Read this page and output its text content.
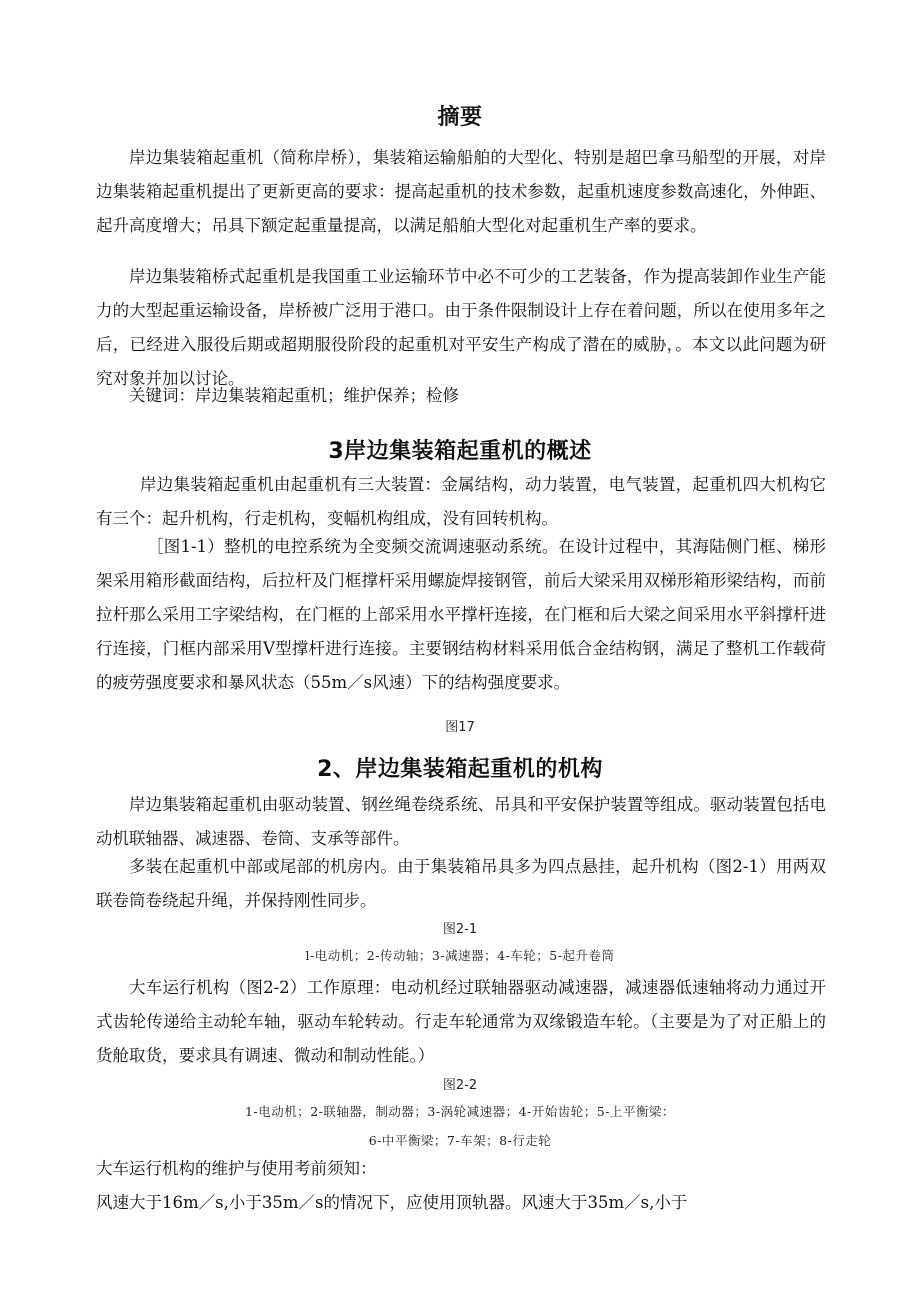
摘要
岸边集装箱起重机（简称岸桥），集装箱运输船舶的大型化、特别是超巴拿马船型的开展，对岸边集装箱起重机提出了更新更高的要求：提高起重机的技术参数，起重机速度参数高速化，外伸距、起升高度增大；吊具下额定起重量提高，以满足船舶大型化对起重机生产率的要求。
岸边集装箱桥式起重机是我国重工业运输环节中必不可少的工艺装备，作为提高装卸作业生产能力的大型起重运输设备，岸桥被广泛用于港口。由于条件限制设计上存在着问题，所以在使用多年之后，已经进入服役后期或超期服役阶段的起重机对平安生产构成了潜在的威胁，。本文以此问题为研究对象并加以讨论。
关键词：岸边集装箱起重机；维护保养；检修
3岸边集装箱起重机的概述
岸边集装箱起重机由起重机有三大装置：金属结构，动力装置，电气装置，起重机四大机构它有三个：起升机构，行走机构，变幅机构组成，没有回转机构。
［图1-1）整机的电控系统为全变频交流调速驱动系统。在设计过程中，其海陆侧门框、梯形架采用箱形截面结构，后拉杆及门框撑杆采用螺旋焊接钢管，前后大梁采用双梯形箱形梁结构，而前拉杆那么采用工字梁结构，在门框的上部采用水平撑杆连接，在门框和后大梁之间采用水平斜撑杆进行连接，门框内部采用V型撑杆进行连接。主要钢结构材料采用低合金结构钢，满足了整机工作载荷的疲劳强度要求和暴风状态（55m／s风速）下的结构强度要求。
图17
2、岸边集装箱起重机的机构
岸边集装箱起重机由驱动装置、钢丝绳卷绕系统、吊具和平安保护装置等组成。驱动装置包括电动机联轴器、减速器、卷筒、支承等部件。
多装在起重机中部或尾部的机房内。由于集装箱吊具多为四点悬挂，起升机构（图2-1）用两双联卷筒卷绕起升绳，并保持刚性同步。
图2-1
l-电动机；2-传动轴；3-减速器；4-车轮；5-起升卷筒
大车运行机构（图2-2）工作原理：电动机经过联轴器驱动减速器，减速器低速轴将动力通过开式齿轮传递给主动轮车轴，驱动车轮转动。行走车轮通常为双缘锻造车轮。（主要是为了对正船上的货舱取货，要求具有调速、微动和制动性能。）
图2-2
1-电动机；2-联轴器，制动器；3-涡轮减速器；4-开始齿轮；5-上平衡梁：
6-中平衡梁；7-车架；8-行走轮
大车运行机构的维护与使用考前须知：
风速大于16m／s,小于35m／s的情况下，应使用顶轨器。风速大于35m／s,小于
